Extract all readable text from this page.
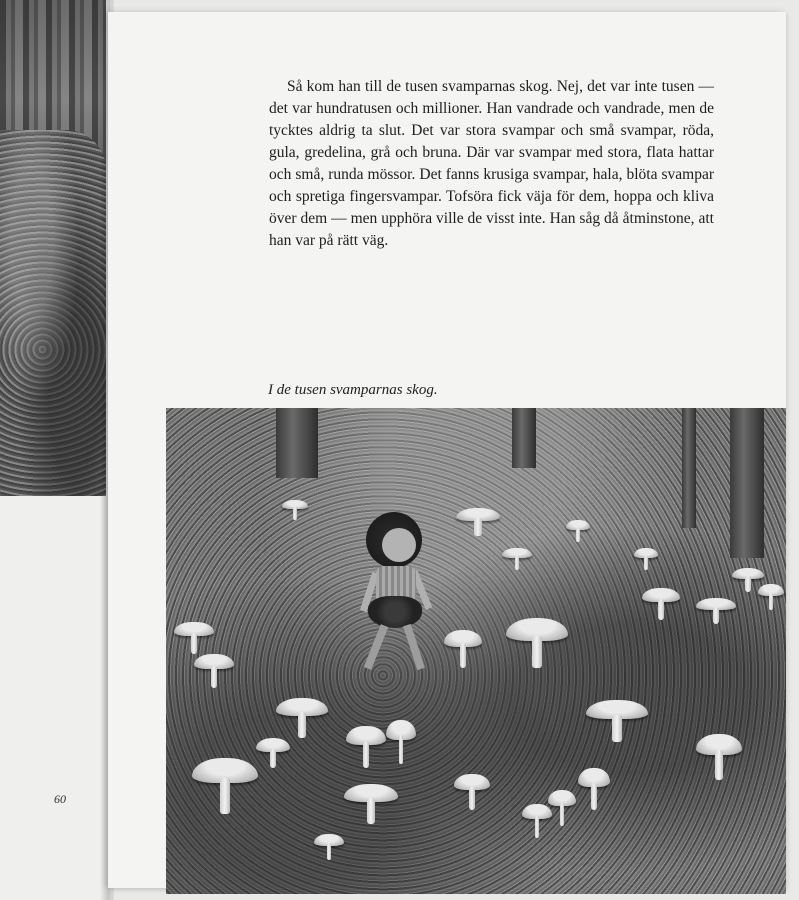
60

Så kom han till de tusen svamparnas skog. Nej, det var inte tusen — det var hundratusen och millioner. Han vandrade och vandrade, men de tycktes aldrig ta slut. Det var stora svampar och små svampar, röda, gula, gredelina, grå och bruna. Där var svampar med stora, flata hattar och små, runda mössor. Det fanns krusiga svampar, hala, blöta svampar och spretiga fingersvampar. Tofsöra fick väja för dem, hoppa och kliva över dem — men upphöra ville de visst inte. Han såg då åtminstone, att han var på rätt väg.

I de tusen svamparnas skog.
